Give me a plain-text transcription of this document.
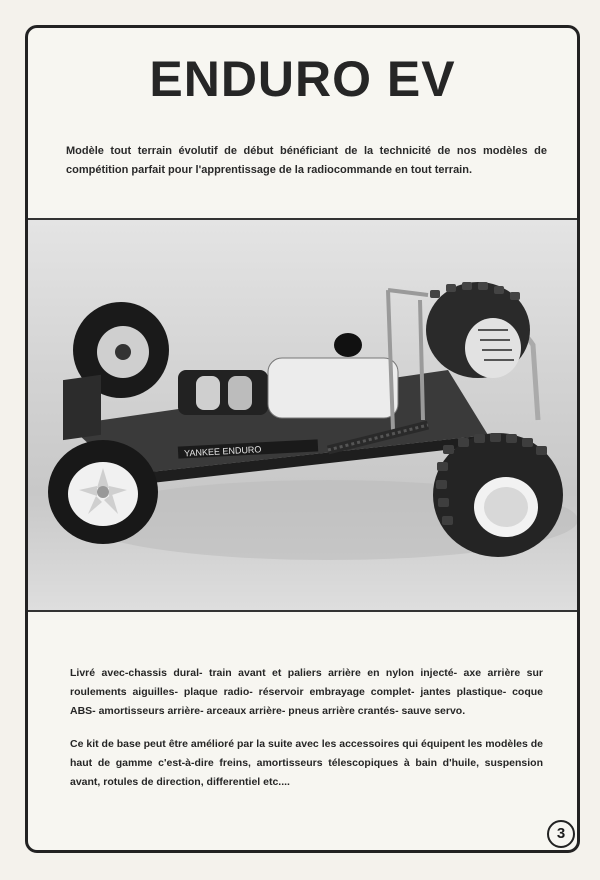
ENDURO EV
Modèle tout terrain évolutif de début bénéficiant de la technicité de nos modèles de compétition parfait pour l'apprentissage de la radiocommande en tout terrain.
YANKEE ENDURO

Livré avec-chassis dural- train avant et paliers arrière en nylon injecté- axe arrière sur roulements aiguilles- plaque radio- réservoir embrayage complet- jantes plastique- coque ABS- amortisseurs arrière- arceaux arrière- pneus arrière crantés- sauve servo.

Ce kit de base peut être amélioré par la suite avec les accessoires qui équipent les modèles de haut de gamme c'est-à-dire freins, amortisseurs télescopiques à bain d'huile, suspension avant, rotules de direction, differentiel etc....

3
